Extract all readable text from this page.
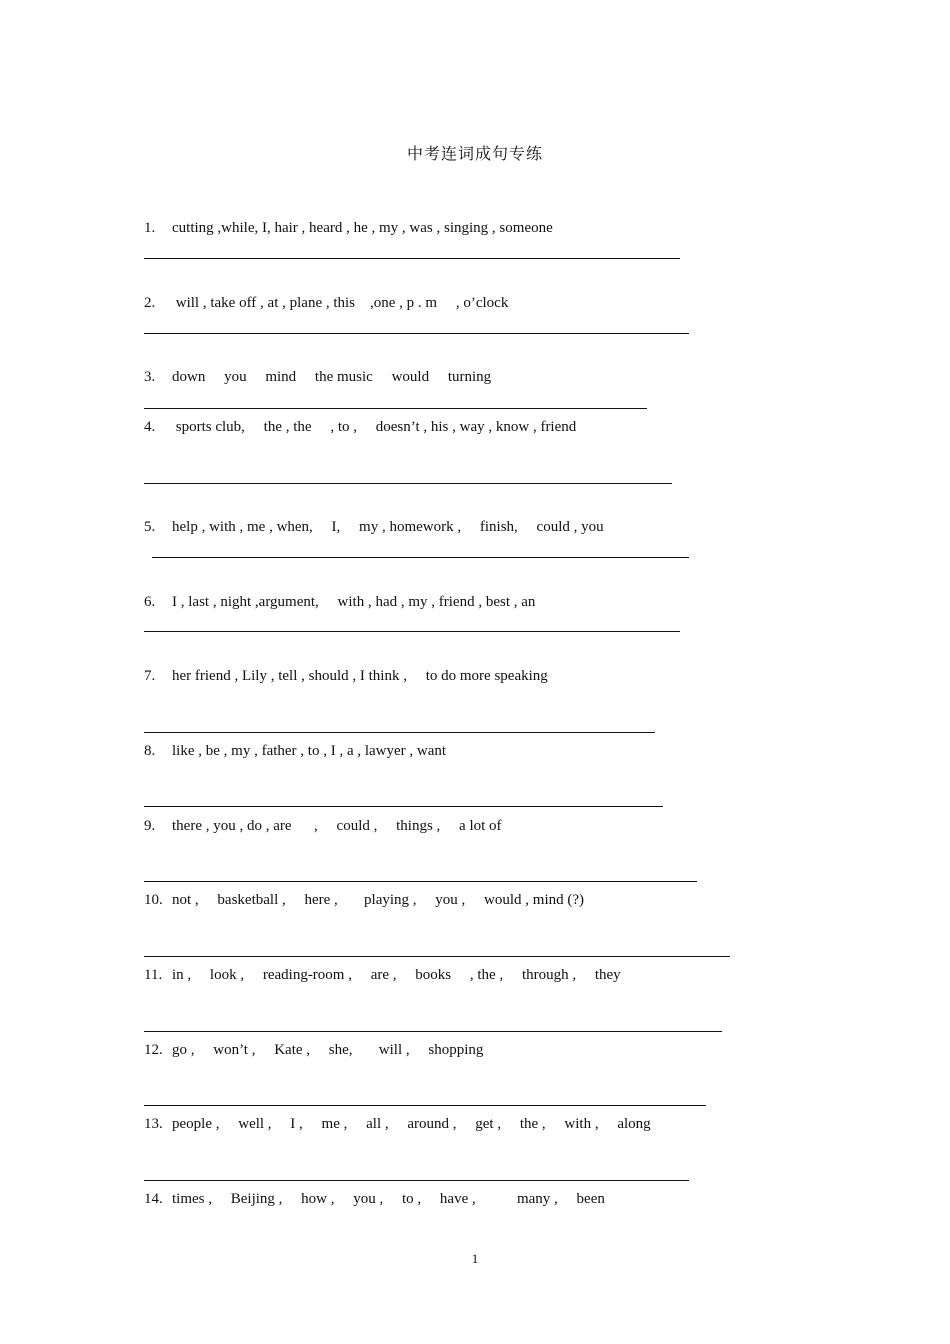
中考连词成句专练
1. cutting ,while, I, hair , heard , he , my , was , singing , someone
2. will , take off , at , plane , this    ,one , p . m     , o’clock
3. down     you     mind     the music     would     turning
4. sports club,     the , the     , to ,     doesn’t , his , way , know , friend
5. help , with , me , when,     I,     my , homework ,     finish,     could , you
6. I , last , night ,argument,     with , had , my , friend , best , an
7. her friend , Lily , tell , should , I think ,     to do more speaking
8. like , be , my , father , to , I , a , lawyer , want
9. there , you , do , are      ,     could ,     things ,     a lot of
10. not ,     basketball ,     here ,       playing ,     you ,     would , mind (?)
11. in ,     look ,     reading-room ,     are ,     books     , the ,     through ,     they
12. go ,     won’t ,     Kate ,     she,       will ,     shopping
13. people ,     well ,     I ,     me ,     all ,     around ,     get ,     the ,     with ,     along
14. times ,     Beijing ,     how ,     you ,     to ,     have ,           many ,     been
1
